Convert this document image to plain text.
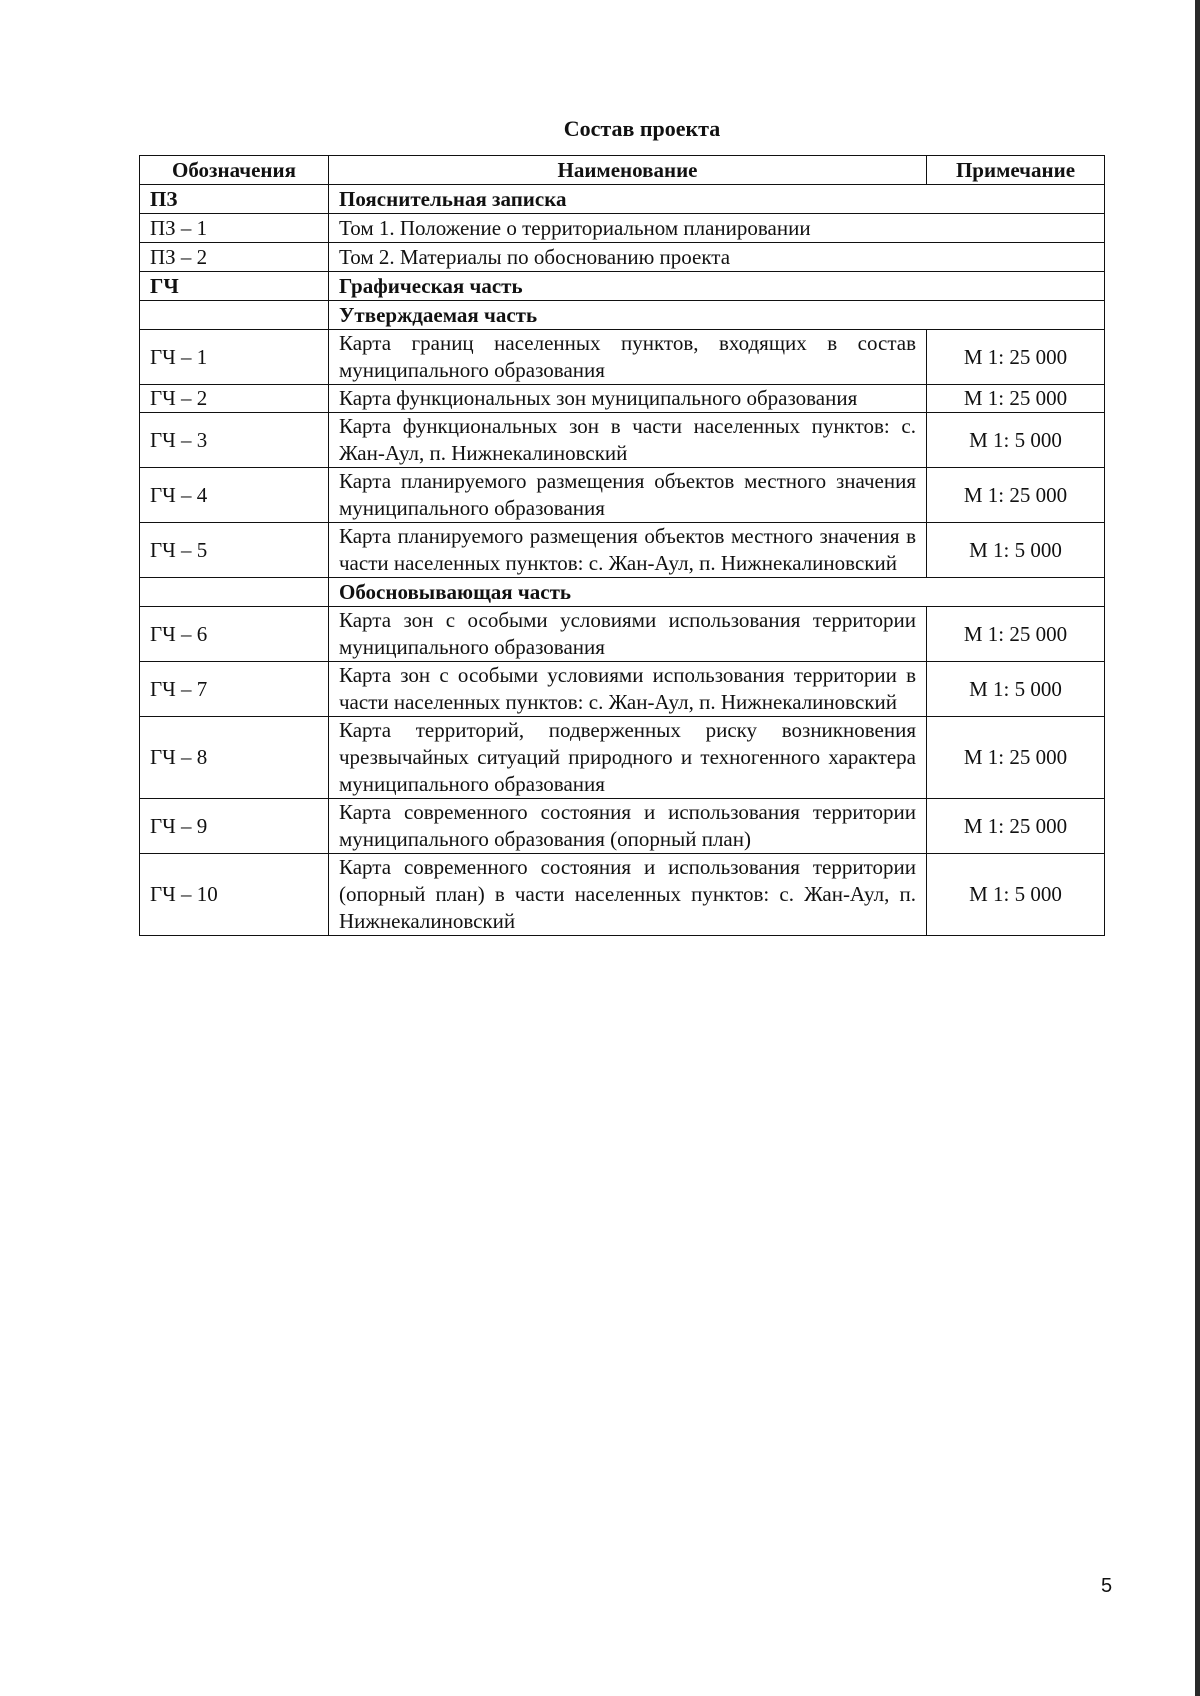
Состав проекта
Обозначения	Наименование	Примечание
ПЗ	Пояснительная записка	
ПЗ – 1	Том 1. Положение о территориальном планировании	
ПЗ – 2	Том 2. Материалы по обоснованию проекта	
ГЧ	Графическая часть	
	Утверждаемая часть	
ГЧ – 1	Карта границ населенных пунктов, входящих в состав муниципального образования	М 1: 25 000
ГЧ – 2	Карта функциональных зон муниципального образования	М 1: 25 000
ГЧ – 3	Карта функциональных зон в части населенных пунктов: с. Жан-Аул, п. Нижнекалиновский	М 1: 5 000
ГЧ – 4	Карта планируемого размещения объектов местного значения муниципального образования	М 1: 25 000
ГЧ – 5	Карта планируемого размещения объектов местного значения в части населенных пунктов: с. Жан-Аул, п. Нижнекалиновский	М 1: 5 000
	Обосновывающая часть	
ГЧ – 6	Карта зон с особыми условиями использования территории муниципального образования	М 1: 25 000
ГЧ – 7	Карта зон с особыми условиями использования территории в части населенных пунктов: с. Жан-Аул, п. Нижнекалиновский	М 1: 5 000
ГЧ – 8	Карта территорий, подверженных риску возникновения чрезвычайных ситуаций природного и техногенного характера муниципального образования	М 1: 25 000
ГЧ – 9	Карта современного состояния и использования территории муниципального образования (опорный план)	М 1: 25 000
ГЧ – 10	Карта современного состояния и использования территории (опорный план) в части населенных пунктов: с. Жан-Аул, п. Нижнекалиновский	М 1: 5 000
5
